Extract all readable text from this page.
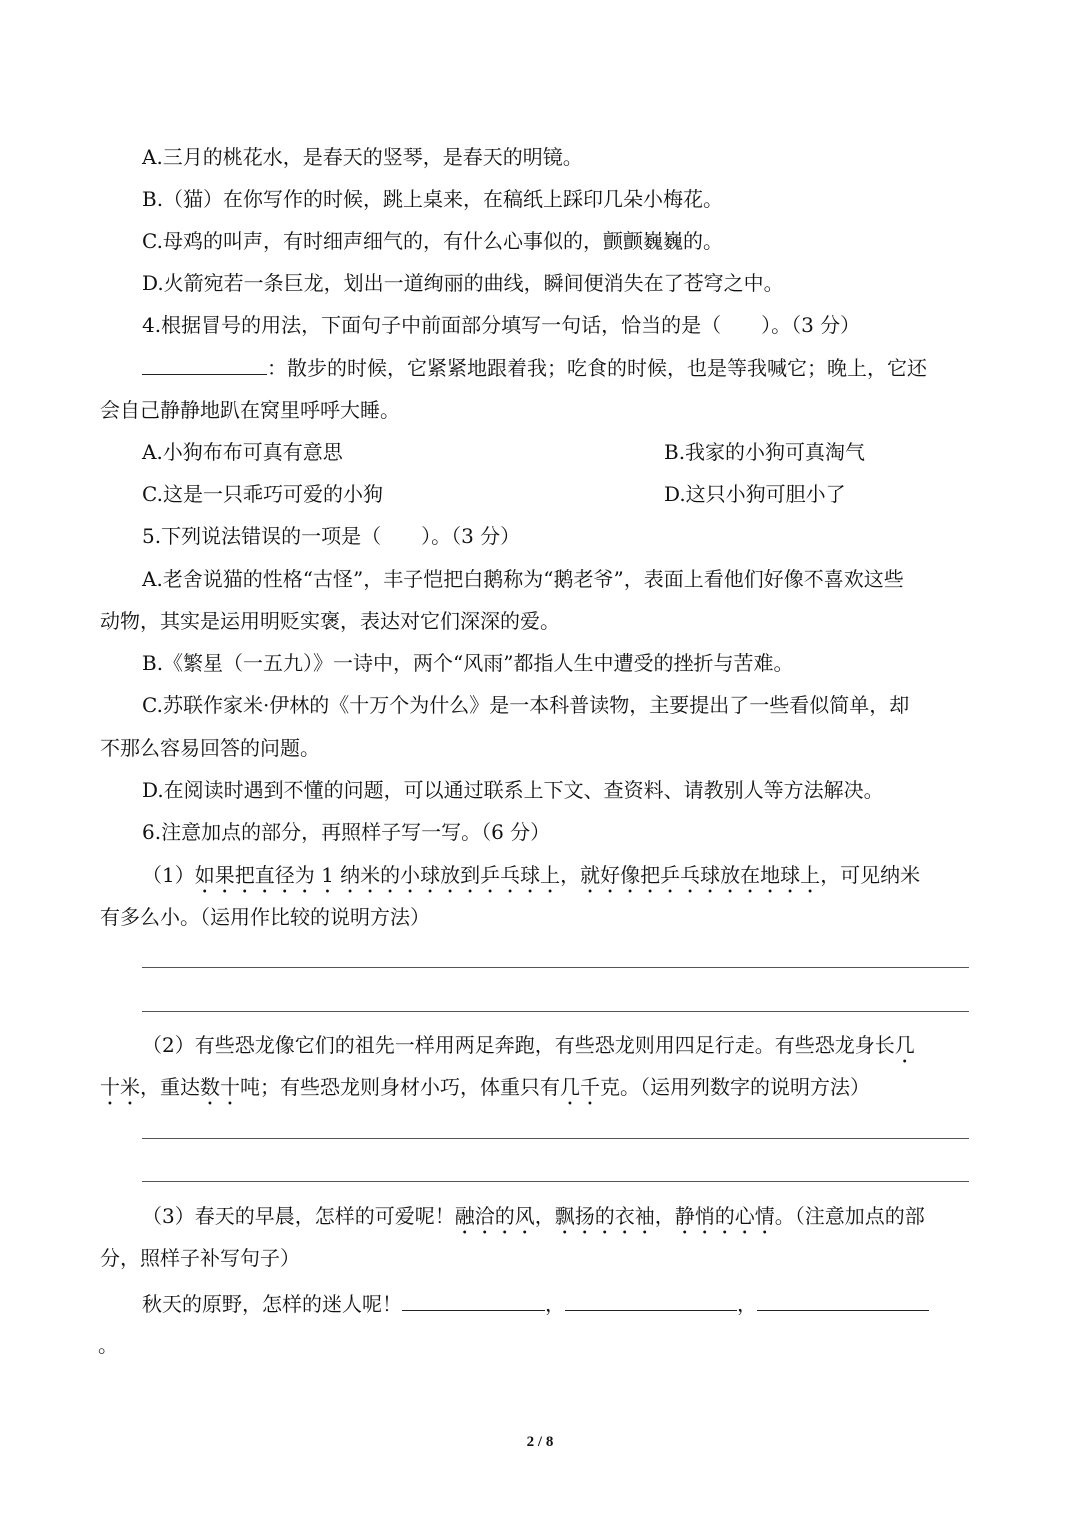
A.三月的桃花水，是春天的竖琴，是春天的明镜。
B.（猫）在你写作的时候，跳上桌来，在稿纸上踩印几朵小梅花。
C.母鸡的叫声，有时细声细气的，有什么心事似的，颤颤巍巍的。
D.火箭宛若一条巨龙，划出一道绚丽的曲线，瞬间便消失在了苍穹之中。
4.根据冒号的用法，下面句子中前面部分填写一句话，恰当的是（　　）。（3 分）
：散步的时候，它紧紧地跟着我；吃食的时候，也是等我喊它；晚上，它还
会自己静静地趴在窝里呼呼大睡。
A.小狗布布可真有意思	B.我家的小狗可真淘气
C.这是一只乖巧可爱的小狗	D.这只小狗可胆小了
5.下列说法错误的一项是（　　）。（3 分）
A.老舍说猫的性格“古怪”，丰子恺把白鹅称为“鹅老爷”，表面上看他们好像不喜欢这些
动物，其实是运用明贬实褒，表达对它们深深的爱。
B.《繁星（一五九）》一诗中，两个“风雨”都指人生中遭受的挫折与苦难。
C.苏联作家米·伊林的《十万个为什么》是一本科普读物，主要提出了一些看似简单，却
不那么容易回答的问题。
D.在阅读时遇到不懂的问题，可以通过联系上下文、查资料、请教别人等方法解决。
6.注意加点的部分，再照样子写一写。（6 分）
（1）如果把直径为 1 纳米的小球放到乒乓球上，就好像把乒乓球放在地球上，可见纳米
有多么小。（运用作比较的说明方法）
（2）有些恐龙像它们的祖先一样用两足奔跑，有些恐龙则用四足行走。有些恐龙身长几
十米，重达数十吨；有些恐龙则身材小巧，体重只有几千克。（运用列数字的说明方法）
（3）春天的早晨，怎样的可爱呢！融洽的风，飘扬的衣袖，静悄的心情。（注意加点的部
分，照样子补写句子）
秋天的原野，怎样的迷人呢！	，	，
。
2 / 8
